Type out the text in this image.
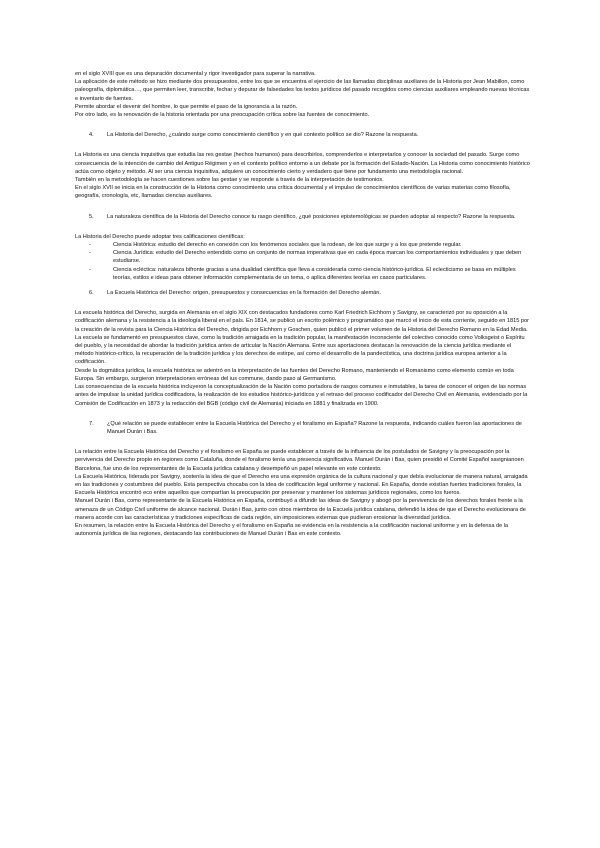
en el siglo XVIII que es una depuración documental y rigor investigador para superar la narrativa.

La aplicación de este método se hizo mediante dos presupuestos, entre los que se encuentra el ejercicio de las llamadas disciplinas auxiliares de la Historia por Jean Mabillon, como paleografía, diplomática…, que permiten leer, transcribir, fechar y depurar de falsedades los textos jurídicos del pasado recogidos como ciencias auxiliares empleando nuevas técnicas e inventario de fuentes.

Permite abordar el devenir del hombre, lo que permite el paso de la ignorancia a la razón.

Por otro lado, es la renovación de la historia orientada por una preocupación crítica sobre las fuentes de conocimiento.

4.	La Historia del Derecho, ¿cuándo surge como conocimiento científico y en qué contexto político se dio? Razone la respuesta.

La Historia es una ciencia inquisitiva que estudia las res gestae (hechos humanos) para describirlos, comprenderlos e interpretarlos y conocer la sociedad del pasado. Surge como consecuencia de la intención de cambio del Antiguo Régimen y en el contexto político entorno a un debate por la formación del Estado-Nación. La Historia como conocimiento histórico actúa como objeto y método. Al ser una ciencia inquisitiva, adquiere un conocimiento cierto y verdadero que tiene por fundamento una metodología racional.

También en la metodología se hacen cuestiones sobre las gestae y se responde a través de la interpretación de testimonios.

En el siglo XVII se inicia en la construcción de la Historia como conocimiento una crítica documental y el impulso de conocimientos científicos de varias materias como filosofía, geografía, cronología, etc, llamadas ciencias auxiliares.

5.	La naturaleza científica de la Historia del Derecho conoce tu rasgo científico, ¿qué posiciones epistemológicas se pueden adoptar al respecto? Razone la respuesta.

La Historia del Derecho puede adoptar tres calificaciones científicas:

-	Ciencia Histórica: estudio del derecho en conexión con los fenómenos sociales que la rodean, de los que surge y a los que pretende regular.
-	Ciencia Jurídica: estudio del Derecho entendido como un conjunto de normas imperativas que en cada época marcan los comportamientos individuales y que deben estudiarse.
-	Ciencia ecléctica: naturaleza bifronte gracias a una dualidad científica que lleva a considerarla como ciencia histórico-jurídica. El eclecticismo se basa en múltiples teorías, estilos e ideas para obtener información complementaria de un tema, o aplica diferentes teorías en casos particulares.
6.	La Escuela Histórica del Derecho: origen, presupuestos y consecuencias en la formación del Derecho alemán.

La escuela histórica del Derecho, surgida en Alemania en el siglo XIX con destacados fundadores como Karl Friedrich Eichhorn y Savigny, se caracterizó por su oposición a la codificación alemana y la resistencia a la ideología liberal en el país. En 1814, se publicó un escrito polémico y programático que marcó el inicio de esta corriente, seguido en 1815 por la creación de la revista para la Ciencia Histórica del Derecho, dirigida por Eichhorn y Goschen, quien publicó el primer volumen de la Historia del Derecho Romano en la Edad Media.

La escuela se fundamentó en presupuestos clave, como la tradición arraigada en la tradición popular, la manifestación inconsciente del colectivo conocido como Volksgeist o Espíritu del pueblo, y la necesidad de abordar la tradición jurídica antes de articular la Nación Alemana. Entre sus aportaciones destacan la renovación de la ciencia jurídica mediante el método histórico-crítico, la recuperación de la tradición jurídica y los derechos de estirpe, así como el desarrollo de la pandectística, una doctrina jurídica europea anterior a la codificación.

Desde la dogmática jurídica, la escuela histórica se adentró en la interpretación de las fuentes del Derecho Romano, manteniendo el Romanismo como elemento común en toda Europa. Sin embargo, surgieron interpretaciones erróneas del ius commune, dando paso al Germanismo.

Las consecuencias de la escuela histórica incluyeron la conceptualización de la Nación como portadora de rasgos comunes e inmutables, la tarea de conocer el origen de las normas antes de impulsar la unidad jurídica codificadora, la realización de los estudios histórico-jurídicos y el retraso del proceso codificador del Derecho Civil en Alemania, evidenciado por la Comisión de Codificación en 1873 y la redacción del BGB (código civil de Alemania) iniciada en 1881 y finalizada en 1900.

7.	¿Qué relación se puede establecer entre la Escuela Histórica del Derecho y el foralismo en España? Razone la respuesta, indicando cuáles fueron las aportaciones de Manuel Durán i Bas.

La relación entre la Escuela Histórica del Derecho y el foralismo en España se puede establecer a través de la influencia de los postulados de Savigny y la preocupación por la pervivencia del Derecho propio en regiones como Cataluña, donde el foralismo tenía una presencia significativa. Manuel Durán i Bas, quien presidió el Comité Español savignianoen Barcelona, fue uno de los representantes de la Escuela jurídica catalana y desempeñó un papel relevante en este contexto.

La Escuela Histórica, liderada por Savigny, sostenía la idea de que el Derecho era una expresión orgánica de la cultura nacional y que debía evolucionar de manera natural, arraigada en las tradiciones y costumbres del pueblo. Esta perspectiva chocaba con la idea de codificación legal uniforme y nacional. En España, donde existían fuertes tradiciones forales, la Escuela Histórica encontró eco entre aquellos que compartían la preocupación por preservar y mantener los sistemas jurídicos regionales, como los fueros.

Manuel Durán i Bas, como representante de la Escuela Histórica en España, contribuyó a difundir las ideas de Savigny y abogó por la pervivencia de los derechos forales frente a la amenaza de un Código Civil uniforme de alcance nacional. Durán i Bas, junto con otros miembros de la Escuela jurídica catalana, defendió la idea de que el Derecho evolucionara de manera acorde con las características y tradiciones específicas de cada región, sin imposiciones externas que pudieran erosionar la diversidad jurídica.

En resumen, la relación entre la Escuela Histórica del Derecho y el foralismo en España se evidencia en la resistencia a la codificación nacional uniforme y en la defensa de la autonomía jurídica de las regiones, destacando las contribuciones de Manuel Durán i Bas en este contexto.
